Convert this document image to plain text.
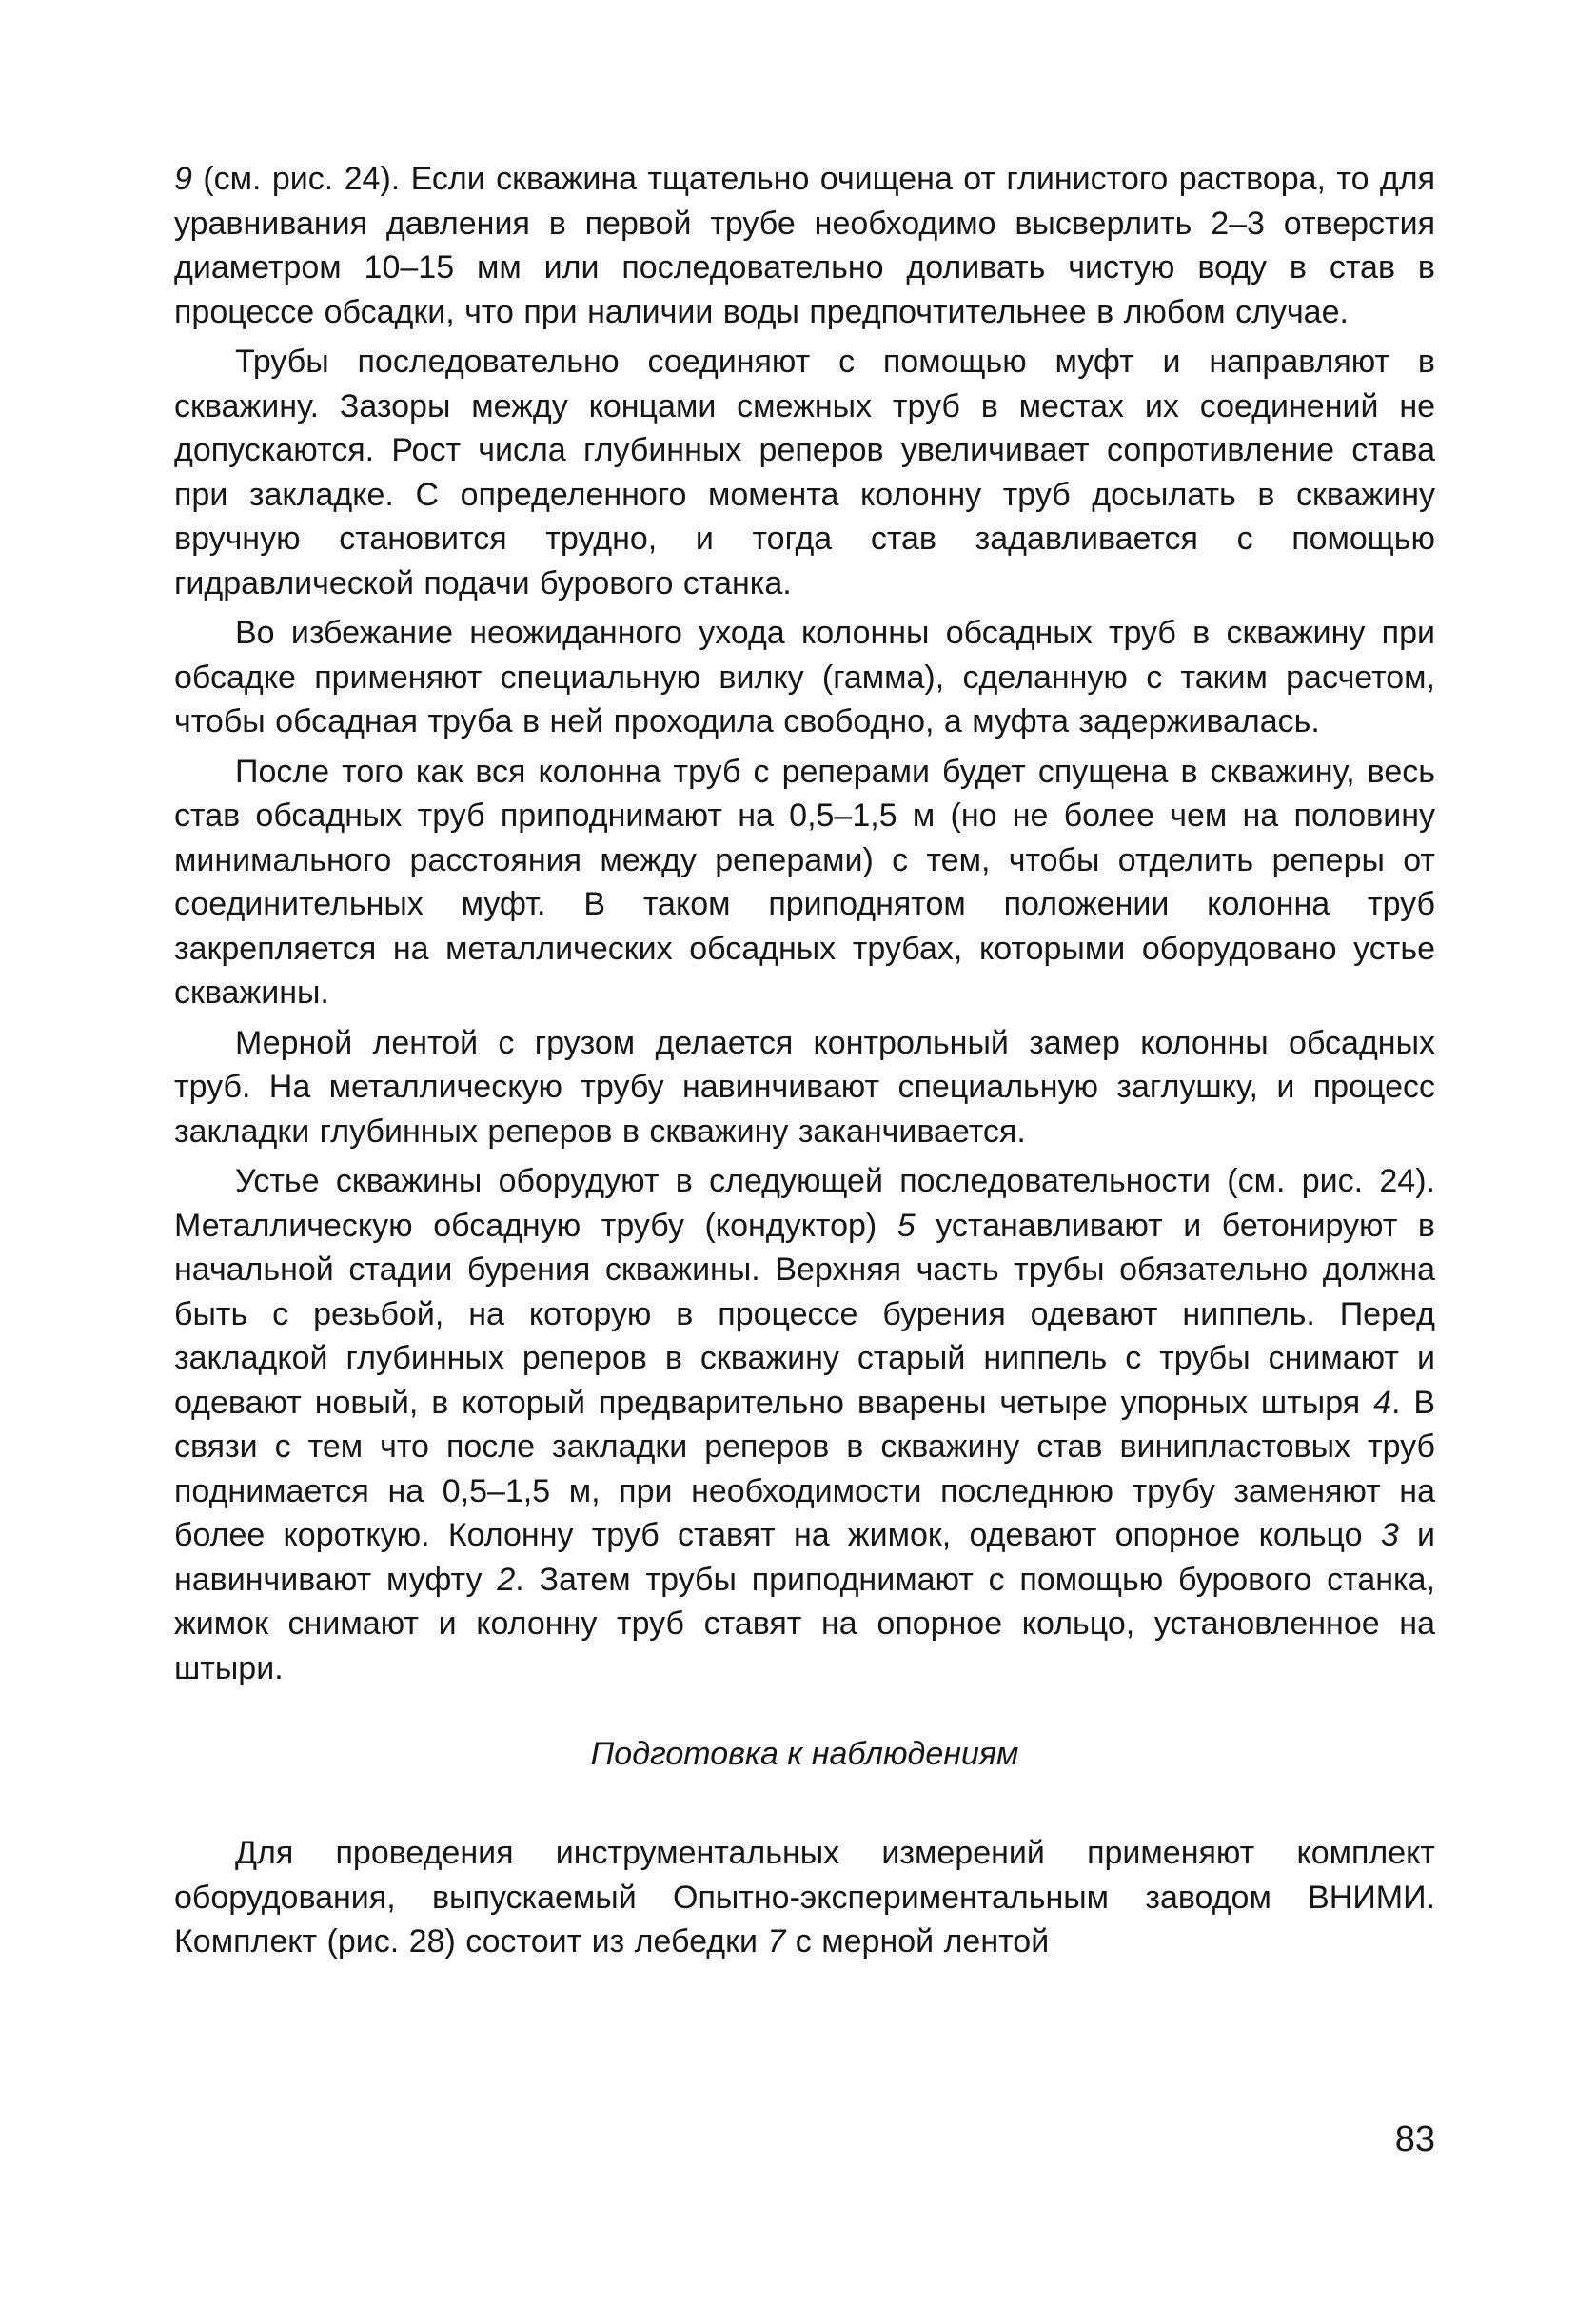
9 (см. рис. 24). Если скважина тщательно очищена от глинистого раствора, то для уравнивания давления в первой трубе необходимо высверлить 2–3 отверстия диаметром 10–15 мм или последовательно доливать чистую воду в став в процессе обсадки, что при наличии воды предпочтительнее в любом случае.

Трубы последовательно соединяют с помощью муфт и направляют в скважину. Зазоры между концами смежных труб в местах их соединений не допускаются. Рост числа глубинных реперов увеличивает сопротивление става при закладке. С определенного момента колонну труб досылать в скважину вручную становится трудно, и тогда став задавливается с помощью гидравлической подачи бурового станка.

Во избежание неожиданного ухода колонны обсадных труб в скважину при обсадке применяют специальную вилку (гамма), сделанную с таким расчетом, чтобы обсадная труба в ней проходила свободно, а муфта задерживалась.

После того как вся колонна труб с реперами будет спущена в скважину, весь став обсадных труб приподнимают на 0,5–1,5 м (но не более чем на половину минимального расстояния между реперами) с тем, чтобы отделить реперы от соединительных муфт. В таком приподнятом положении колонна труб закрепляется на металлических обсадных трубах, которыми оборудовано устье скважины.

Мерной лентой с грузом делается контрольный замер колонны обсадных труб. На металлическую трубу навинчивают специальную заглушку, и процесс закладки глубинных реперов в скважину заканчивается.

Устье скважины оборудуют в следующей последовательности (см. рис. 24). Металлическую обсадную трубу (кондуктор) 5 устанавливают и бетонируют в начальной стадии бурения скважины. Верхняя часть трубы обязательно должна быть с резьбой, на которую в процессе бурения одевают ниппель. Перед закладкой глубинных реперов в скважину старый ниппель с трубы снимают и одевают новый, в который предварительно вварены четыре упорных штыря 4. В связи с тем что после закладки реперов в скважину став винипластовых труб поднимается на 0,5–1,5 м, при необходимости последнюю трубу заменяют на более короткую. Колонну труб ставят на жимок, одевают опорное кольцо 3 и навинчивают муфту 2. Затем трубы приподнимают с помощью бурового станка, жимок снимают и колонну труб ставят на опорное кольцо, установленное на штыри.

Подготовка к наблюдениям

Для проведения инструментальных измерений применяют комплект оборудования, выпускаемый Опытно-экспериментальным заводом ВНИМИ. Комплект (рис. 28) состоит из лебедки 7 с мерной лентой

83
